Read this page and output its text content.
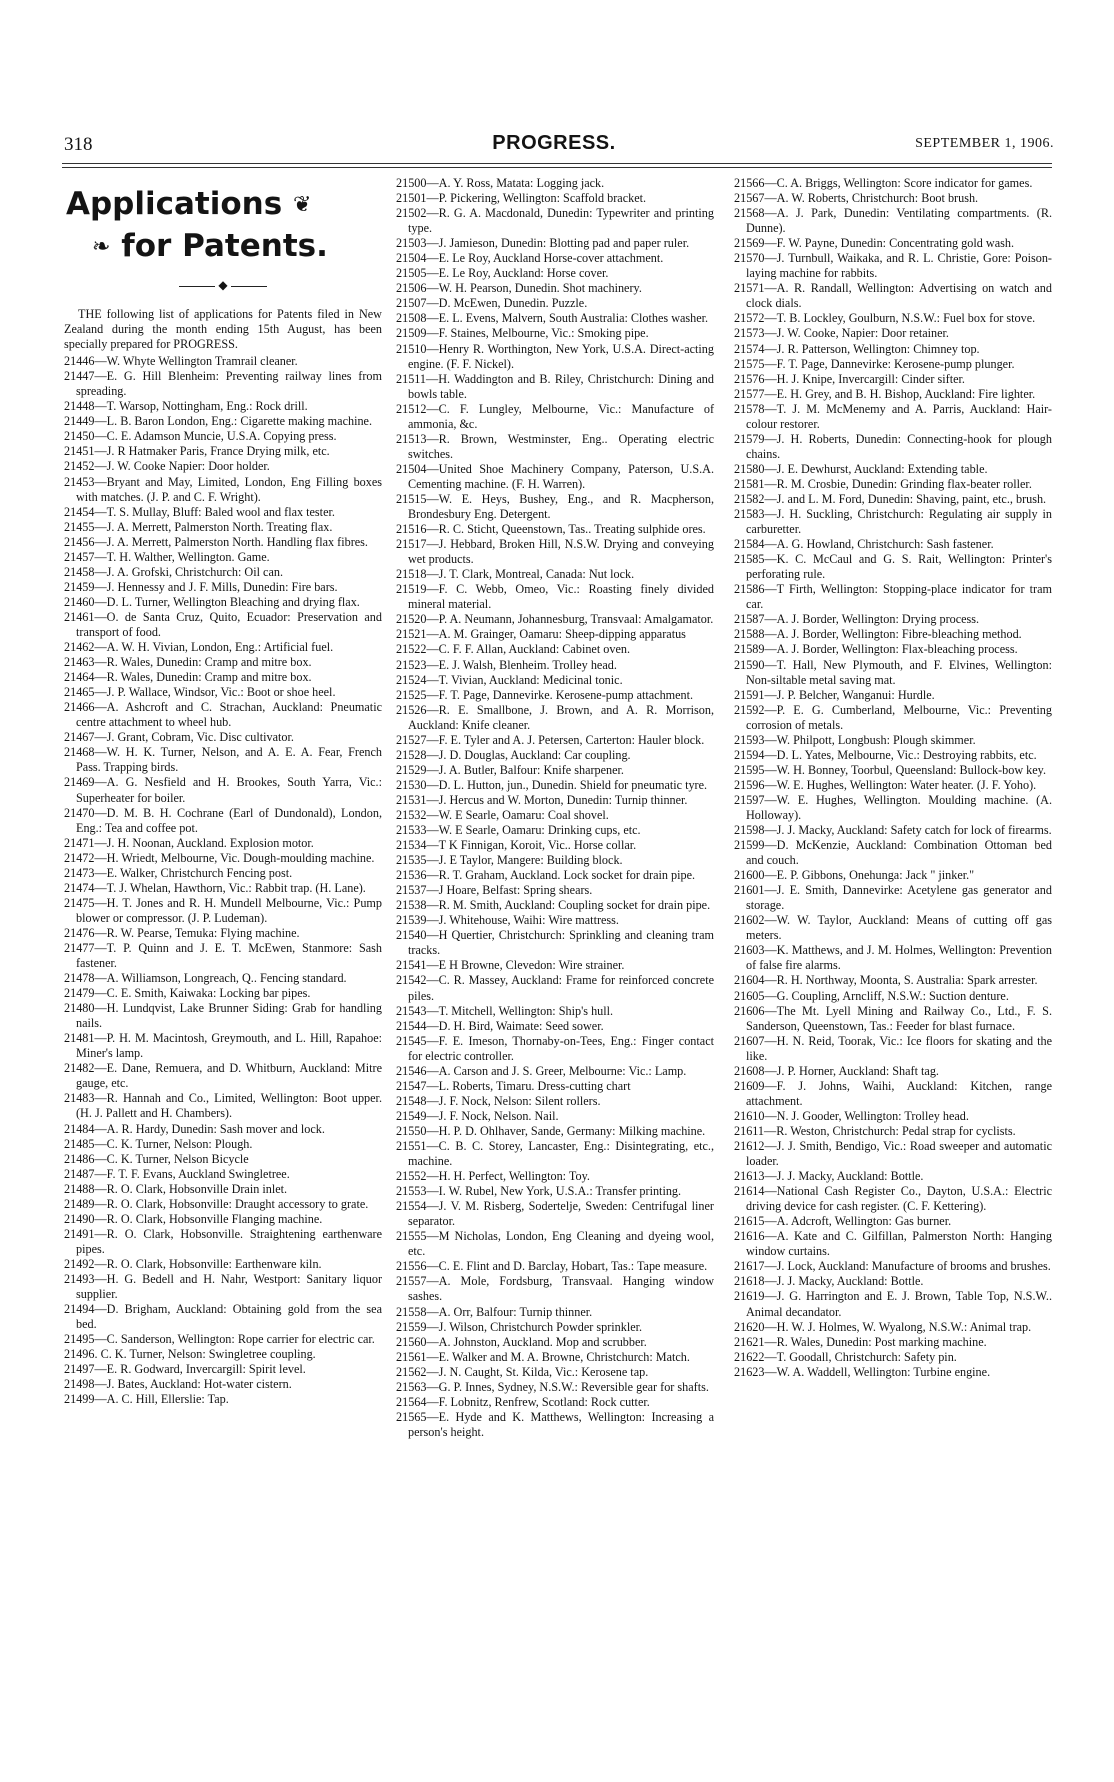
318	PROGRESS.	SEPTEMBER 1, 1906.
Applications ❦
❧ for Patents.
◆

THE following list of applications for Patents filed in New Zealand during the month ending 15th August, has been specially prepared for PROGRESS.

21446—W. Whyte Wellington Tramrail cleaner.

21447—E. G. Hill Blenheim: Preventing railway lines from spreading.

21448—T. Warsop, Nottingham, Eng.: Rock drill.

21449—L. B. Baron London, Eng.: Cigarette making machine.

21450—C. E. Adamson Muncie, U.S.A. Copying press.

21451—J. R Hatmaker Paris, France Drying milk, etc.

21452—J. W. Cooke Napier: Door holder.

21453—Bryant and May, Limited, London, Eng Filling boxes with matches. (J. P. and C. F. Wright).

21454—T. S. Mullay, Bluff: Baled wool and flax tester.

21455—J. A. Merrett, Palmerston North. Treating flax.

21456—J. A. Merrett, Palmerston North. Handling flax fibres.

21457—T. H. Walther, Wellington. Game.

21458—J. A. Grofski, Christchurch: Oil can.

21459—J. Hennessy and J. F. Mills, Dunedin: Fire bars.

21460—D. L. Turner, Wellington Bleaching and drying flax.

21461—O. de Santa Cruz, Quito, Ecuador: Preservation and transport of food.

21462—A. W. H. Vivian, London, Eng.: Artificial fuel.

21463—R. Wales, Dunedin: Cramp and mitre box.

21464—R. Wales, Dunedin: Cramp and mitre box.

21465—J. P. Wallace, Windsor, Vic.: Boot or shoe heel.

21466—A. Ashcroft and C. Strachan, Auckland: Pneumatic centre attachment to wheel hub.

21467—J. Grant, Cobram, Vic. Disc cultivator.

21468—W. H. K. Turner, Nelson, and A. E. A. Fear, French Pass. Trapping birds.

21469—A. G. Nesfield and H. Brookes, South Yarra, Vic.: Superheater for boiler.

21470—D. M. B. H. Cochrane (Earl of Dundonald), London, Eng.: Tea and coffee pot.

21471—J. H. Noonan, Auckland. Explosion motor.

21472—H. Wriedt, Melbourne, Vic. Dough-moulding machine.

21473—E. Walker, Christchurch Fencing post.

21474—T. J. Whelan, Hawthorn, Vic.: Rabbit trap. (H. Lane).

21475—H. T. Jones and R. H. Mundell Melbourne, Vic.: Pump blower or compressor. (J. P. Ludeman).

21476—R. W. Pearse, Temuka: Flying machine.

21477—T. P. Quinn and J. E. T. McEwen, Stanmore: Sash fastener.

21478—A. Williamson, Longreach, Q.. Fencing standard.

21479—C. E. Smith, Kaiwaka: Locking bar pipes.

21480—H. Lundqvist, Lake Brunner Siding: Grab for handling nails.

21481—P. H. M. Macintosh, Greymouth, and L. Hill, Rapahoe: Miner's lamp.

21482—E. Dane, Remuera, and D. Whitburn, Auckland: Mitre gauge, etc.

21483—R. Hannah and Co., Limited, Wellington: Boot upper. (H. J. Pallett and H. Chambers).

21484—A. R. Hardy, Dunedin: Sash mover and lock.

21485—C. K. Turner, Nelson: Plough.

21486—C. K. Turner, Nelson Bicycle

21487—F. T. F. Evans, Auckland Swingletree.

21488—R. O. Clark, Hobsonville Drain inlet.

21489—R. O. Clark, Hobsonville: Draught accessory to grate.

21490—R. O. Clark, Hobsonville Flanging machine.

21491—R. O. Clark, Hobsonville. Straightening earthenware pipes.

21492—R. O. Clark, Hobsonville: Earthenware kiln.

21493—H. G. Bedell and H. Nahr, Westport: Sanitary liquor supplier.

21494—D. Brigham, Auckland: Obtaining gold from the sea bed.

21495—C. Sanderson, Wellington: Rope carrier for electric car.

21496. C. K. Turner, Nelson: Swingletree coupling.

21497—E. R. Godward, Invercargill: Spirit level.

21498—J. Bates, Auckland: Hot-water cistern.

21499—A. C. Hill, Ellerslie: Tap.

21500—A. Y. Ross, Matata: Logging jack.

21501—P. Pickering, Wellington: Scaffold bracket.

21502—R. G. A. Macdonald, Dunedin: Typewriter and printing type.

21503—J. Jamieson, Dunedin: Blotting pad and paper ruler.

21504—E. Le Roy, Auckland Horse-cover attachment.

21505—E. Le Roy, Auckland: Horse cover.

21506—W. H. Pearson, Dunedin. Shot machinery.

21507—D. McEwen, Dunedin. Puzzle.

21508—E. L. Evens, Malvern, South Australia: Clothes washer.

21509—F. Staines, Melbourne, Vic.: Smoking pipe.

21510—Henry R. Worthington, New York, U.S.A. Direct-acting engine. (F. F. Nickel).

21511—H. Waddington and B. Riley, Christchurch: Dining and bowls table.

21512—C. F. Lungley, Melbourne, Vic.: Manufacture of ammonia, &c.

21513—R. Brown, Westminster, Eng.. Operating electric switches.

21504—United Shoe Machinery Company, Paterson, U.S.A. Cementing machine. (F. H. Warren).

21515—W. E. Heys, Bushey, Eng., and R. Macpherson, Brondesbury Eng. Detergent.

21516—R. C. Sticht, Queenstown, Tas.. Treating sulphide ores.

21517—J. Hebbard, Broken Hill, N.S.W. Drying and conveying wet products.

21518—J. T. Clark, Montreal, Canada: Nut lock.

21519—F. C. Webb, Omeo, Vic.: Roasting finely divided mineral material.

21520—P. A. Neumann, Johannesburg, Transvaal: Amalgamator.

21521—A. M. Grainger, Oamaru: Sheep-dipping apparatus

21522—C. F. F. Allan, Auckland: Cabinet oven.

21523—E. J. Walsh, Blenheim. Trolley head.

21524—T. Vivian, Auckland: Medicinal tonic.

21525—F. T. Page, Dannevirke. Kerosene-pump attachment.

21526—R. E. Smallbone, J. Brown, and A. R. Morrison, Auckland: Knife cleaner.

21527—F. E. Tyler and A. J. Petersen, Carterton: Hauler block.

21528—J. D. Douglas, Auckland: Car coupling.

21529—J. A. Butler, Balfour: Knife sharpener.

21530—D. L. Hutton, jun., Dunedin. Shield for pneumatic tyre.

21531—J. Hercus and W. Morton, Dunedin: Turnip thinner.

21532—W. E Searle, Oamaru: Coal shovel.

21533—W. E Searle, Oamaru: Drinking cups, etc.

21534—T K Finnigan, Koroit, Vic.. Horse collar.

21535—J. E Taylor, Mangere: Building block.

21536—R. T. Graham, Auckland. Lock socket for drain pipe.

21537—J Hoare, Belfast: Spring shears.

21538—R. M. Smith, Auckland: Coupling socket for drain pipe.

21539—J. Whitehouse, Waihi: Wire mattress.

21540—H Quertier, Christchurch: Sprinkling and cleaning tram tracks.

21541—E H Browne, Clevedon: Wire strainer.

21542—C. R. Massey, Auckland: Frame for reinforced concrete piles.

21543—T. Mitchell, Wellington: Ship's hull.

21544—D. H. Bird, Waimate: Seed sower.

21545—F. E. Imeson, Thornaby-on-Tees, Eng.: Finger contact for electric controller.

21546—A. Carson and J. S. Greer, Melbourne: Vic.: Lamp.

21547—L. Roberts, Timaru. Dress-cutting chart

21548—J. F. Nock, Nelson: Silent rollers.

21549—J. F. Nock, Nelson. Nail.

21550—H. P. D. Ohlhaver, Sande, Germany: Milking machine.

21551—C. B. C. Storey, Lancaster, Eng.: Disintegrating, etc., machine.

21552—H. H. Perfect, Wellington: Toy.

21553—I. W. Rubel, New York, U.S.A.: Transfer printing.

21554—J. V. M. Risberg, Sodertelje, Sweden: Centrifugal liner separator.

21555—M Nicholas, London, Eng Cleaning and dyeing wool, etc.

21556—C. E. Flint and D. Barclay, Hobart, Tas.: Tape measure.

21557—A. Mole, Fordsburg, Transvaal. Hanging window sashes.

21558—A. Orr, Balfour: Turnip thinner.

21559—J. Wilson, Christchurch Powder sprinkler.

21560—A. Johnston, Auckland. Mop and scrubber.

21561—E. Walker and M. A. Browne, Christchurch: Match.

21562—J. N. Caught, St. Kilda, Vic.: Kerosene tap.

21563—G. P. Innes, Sydney, N.S.W.: Reversible gear for shafts.

21564—F. Lobnitz, Renfrew, Scotland: Rock cutter.

21565—E. Hyde and K. Matthews, Wellington: Increasing a person's height.

21566—C. A. Briggs, Wellington: Score indicator for games.

21567—A. W. Roberts, Christchurch: Boot brush.

21568—A. J. Park, Dunedin: Ventilating compartments. (R. Dunne).

21569—F. W. Payne, Dunedin: Concentrating gold wash.

21570—J. Turnbull, Waikaka, and R. L. Christie, Gore: Poison-laying machine for rabbits.

21571—A. R. Randall, Wellington: Advertising on watch and clock dials.

21572—T. B. Lockley, Goulburn, N.S.W.: Fuel box for stove.

21573—J. W. Cooke, Napier: Door retainer.

21574—J. R. Patterson, Wellington: Chimney top.

21575—F. T. Page, Dannevirke: Kerosene-pump plunger.

21576—H. J. Knipe, Invercargill: Cinder sifter.

21577—E. H. Grey, and B. H. Bishop, Auckland: Fire lighter.

21578—T. J. M. McMenemy and A. Parris, Auckland: Hair-colour restorer.

21579—J. H. Roberts, Dunedin: Connecting-hook for plough chains.

21580—J. E. Dewhurst, Auckland: Extending table.

21581—R. M. Crosbie, Dunedin: Grinding flax-beater roller.

21582—J. and L. M. Ford, Dunedin: Shaving, paint, etc., brush.

21583—J. H. Suckling, Christchurch: Regulating air supply in carburetter.

21584—A. G. Howland, Christchurch: Sash fastener.

21585—K. C. McCaul and G. S. Rait, Wellington: Printer's perforating rule.

21586—T Firth, Wellington: Stopping-place indicator for tram car.

21587—A. J. Border, Wellington: Drying process.

21588—A. J. Border, Wellington: Fibre-bleaching method.

21589—A. J. Border, Wellington: Flax-bleaching process.

21590—T. Hall, New Plymouth, and F. Elvines, Wellington: Non-siltable metal saving mat.

21591—J. P. Belcher, Wanganui: Hurdle.

21592—P. E. G. Cumberland, Melbourne, Vic.: Preventing corrosion of metals.

21593—W. Philpott, Longbush: Plough skimmer.

21594—D. L. Yates, Melbourne, Vic.: Destroying rabbits, etc.

21595—W. H. Bonney, Toorbul, Queensland: Bullock-bow key.

21596—W. E. Hughes, Wellington: Water heater. (J. F. Yoho).

21597—W. E. Hughes, Wellington. Moulding machine. (A. Holloway).

21598—J. J. Macky, Auckland: Safety catch for lock of firearms.

21599—D. McKenzie, Auckland: Combination Ottoman bed and couch.

21600—E. P. Gibbons, Onehunga: Jack " jinker."

21601—J. E. Smith, Dannevirke: Acetylene gas generator and storage.

21602—W. W. Taylor, Auckland: Means of cutting off gas meters.

21603—K. Matthews, and J. M. Holmes, Wellington: Prevention of false fire alarms.

21604—R. H. Northway, Moonta, S. Australia: Spark arrester.

21605—G. Coupling, Arncliff, N.S.W.: Suction denture.

21606—The Mt. Lyell Mining and Railway Co., Ltd., F. S. Sanderson, Queenstown, Tas.: Feeder for blast furnace.

21607—H. N. Reid, Toorak, Vic.: Ice floors for skating and the like.

21608—J. P. Horner, Auckland: Shaft tag.

21609—F. J. Johns, Waihi, Auckland: Kitchen, range attachment.

21610—N. J. Gooder, Wellington: Trolley head.

21611—R. Weston, Christchurch: Pedal strap for cyclists.

21612—J. J. Smith, Bendigo, Vic.: Road sweeper and automatic loader.

21613—J. J. Macky, Auckland: Bottle.

21614—National Cash Register Co., Dayton, U.S.A.: Electric driving device for cash register. (C. F. Kettering).

21615—A. Adcroft, Wellington: Gas burner.

21616—A. Kate and C. Gilfillan, Palmerston North: Hanging window curtains.

21617—J. Lock, Auckland: Manufacture of brooms and brushes.

21618—J. J. Macky, Auckland: Bottle.

21619—J. G. Harrington and E. J. Brown, Table Top, N.S.W.. Animal decandator.

21620—H. W. J. Holmes, W. Wyalong, N.S.W.: Animal trap.

21621—R. Wales, Dunedin: Post marking machine.

21622—T. Goodall, Christchurch: Safety pin.

21623—W. A. Waddell, Wellington: Turbine engine.
